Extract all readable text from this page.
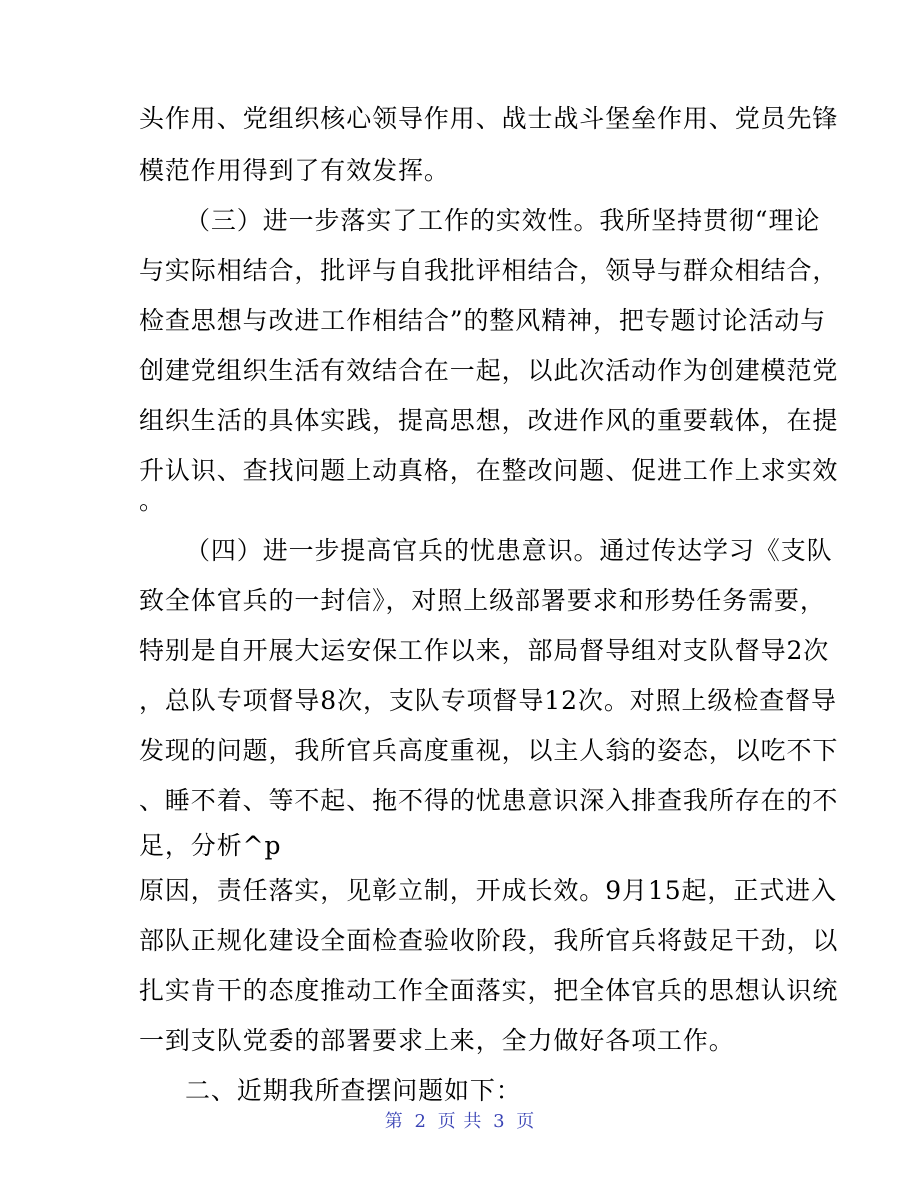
头作用、党组织核心领导作用、战士战斗堡垒作用、党员先锋
模范作用得到了有效发挥。
（三）进一步落实了工作的实效性。我所坚持贯彻“理论
与实际相结合，批评与自我批评相结合，领导与群众相结合，
检查思想与改进工作相结合”的整风精神，把专题讨论活动与
创建党组织生活有效结合在一起，以此次活动作为创建模范党
组织生活的具体实践，提高思想，改进作风的重要载体，在提
升认识、查找问题上动真格，在整改问题、促进工作上求实效
。
（四）进一步提高官兵的忧患意识。通过传达学习《支队
致全体官兵的一封信》，对照上级部署要求和形势任务需要，
特别是自开展大运安保工作以来，部局督导组对支队督导2次
，总队专项督导8次，支队专项督导12次。对照上级检查督导
发现的问题，我所官兵高度重视，以主人翁的姿态，以吃不下
、睡不着、等不起、拖不得的忧患意识深入排查我所存在的不
足，分析^p
原因，责任落实，见彰立制，开成长效。9月15起，正式进入
部队正规化建设全面检查验收阶段，我所官兵将鼓足干劲，以
扎实肯干的态度推动工作全面落实，把全体官兵的思想认识统
一到支队党委的部署要求上来，全力做好各项工作。
二、近期我所查摆问题如下：
第 2 页 共 3 页
